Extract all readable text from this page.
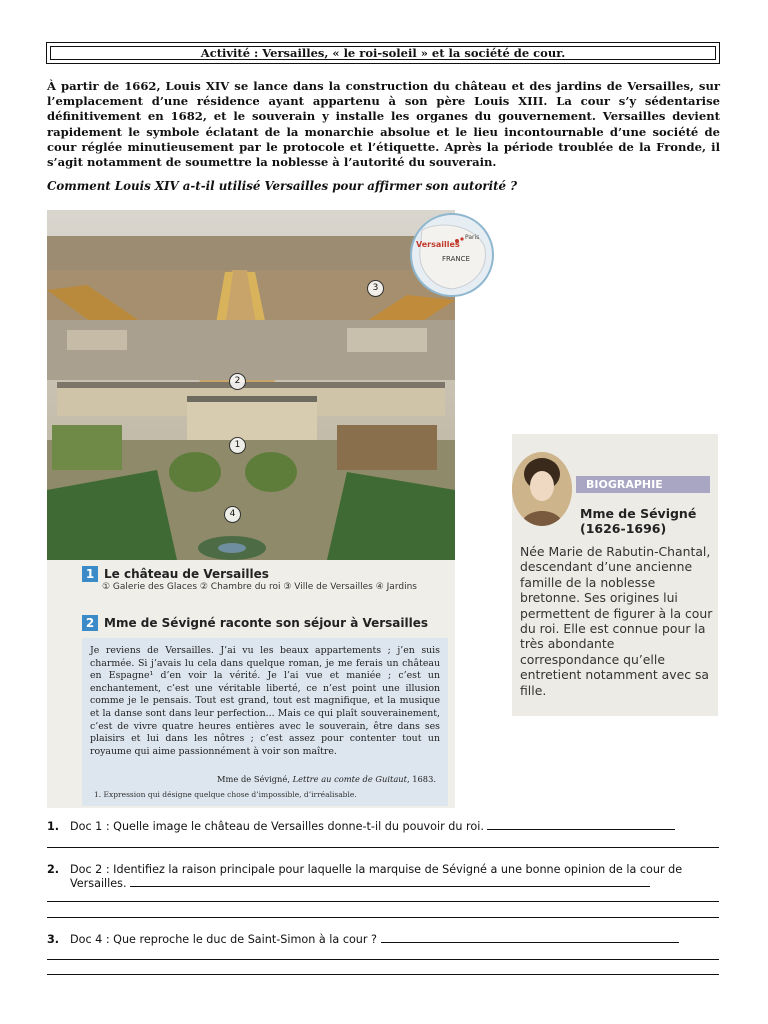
Activité : Versailles, « le roi-soleil » et la société de cour.

À partir de 1662, Louis XIV se lance dans la construction du château et des jardins de Versailles, sur l’emplacement d’une résidence ayant appartenu à son père Louis XIII. La cour s’y sédentarise définitivement en 1682, et le souverain y installe les organes du gouvernement. Versailles devient rapidement le symbole éclatant de la monarchie absolue et le lieu incontournable d’une société de cour réglée minutieusement par le protocole et l’étiquette. Après la période troublée de la Fronde, il s’agit notamment de soumettre la noblesse à l’autorité du souverain.

Comment Louis XIV a-t-il utilisé Versailles pour affirmer son autorité ?

3
2
1
4
Paris
Versailles
FRANCE
1 Le château de Versailles
① Galerie des Glaces ② Chambre du roi ③ Ville de Versailles ④ Jardins
2 Mme de Sévigné raconte son séjour à Versailles

Je reviens de Versailles. J’ai vu les beaux appartements ; j’en suis charmée. Si j’avais lu cela dans quelque roman, je me ferais un château en Espagne¹ d’en voir la vérité. Je l’ai vue et maniée ; c’est un enchantement, c’est une véritable liberté, ce n’est point une illusion comme je le pensais. Tout est grand, tout est magnifique, et la musique et la danse sont dans leur perfection... Mais ce qui plaît souverainement, c’est de vivre quatre heures entières avec le souverain, être dans ses plaisirs et lui dans les nôtres ; c’est assez pour contenter tout un royaume qui aime passionnément à voir son maître.

Mme de Sévigné, Lettre au comte de Guitaut, 1683.
1. Expression qui désigne quelque chose d’impossible, d’irréalisable.
BIOGRAPHIE
Mme de Sévigné
(1626-1696)

Née Marie de Rabutin-Chantal, descendant d’une ancienne famille de la noblesse bretonne. Ses origines lui permettent de figurer à la cour du roi. Elle est connue pour la très abondante correspondance qu’elle entretient notamment avec sa fille.

1. Doc 1 : Quelle image le château de Versailles donne-t-il du pouvoir du roi.
2. Doc 2 : Identifiez la raison principale pour laquelle la marquise de Sévigné a une bonne opinion de la cour de Versailles.
3. Doc 4 : Que reproche le duc de Saint-Simon à la cour ?
